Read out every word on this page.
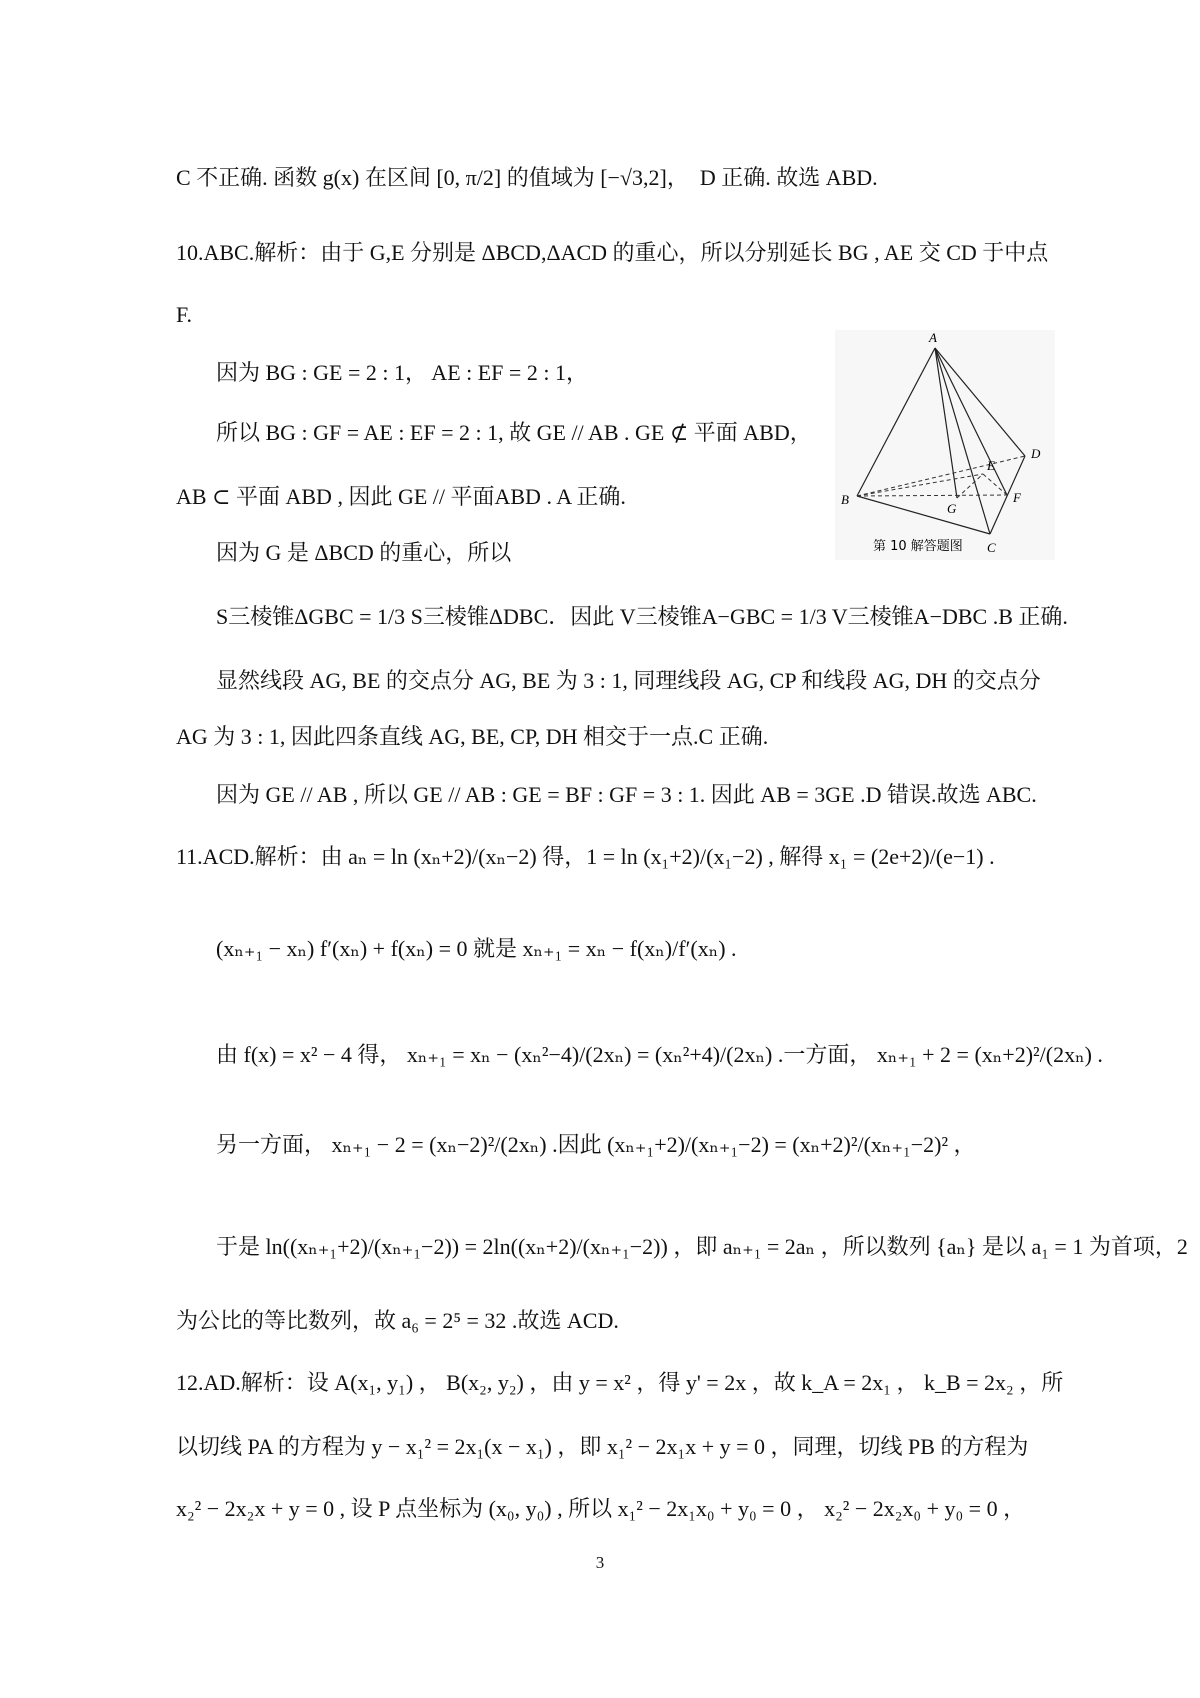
C 不正确. 函数 g(x) 在区间 [0, π/2] 的值域为 [−√3,2]，　D 正确. 故选 ABD.
10.ABC.解析：由于 G,E 分别是 ΔBCD,ΔACD 的重心，所以分别延长 BG , AE 交 CD 于中点
F.
因为 BG : GE = 2 : 1， AE : EF = 2 : 1，
所以 BG : GF = AE : EF = 2 : 1, 故 GE // AB . GE ⊄ 平面 ABD，
AB ⊂ 平面 ABD , 因此 GE // 平面ABD . A 正确.
因为 G 是 ΔBCD 的重心，所以
S三棱锥ΔGBC = 1/3 S三棱锥ΔDBC．因此 V三棱锥A−GBC = 1/3 V三棱锥A−DBC .B 正确.
显然线段 AG, BE 的交点分 AG, BE 为 3 : 1, 同理线段 AG, CP 和线段 AG, DH 的交点分
AG 为 3 : 1, 因此四条直线 AG, BE, CP, DH 相交于一点.C 正确.
因为 GE // AB , 所以 GE // AB : GE = BF : GF = 3 : 1. 因此 AB = 3GE .D 错误.故选 ABC.
11.ACD.解析：由 aₙ = ln (xₙ+2)/(xₙ−2) 得，1 = ln (x₁+2)/(x₁−2) , 解得 x₁ = (2e+2)/(e−1) .
(xₙ₊₁ − xₙ) f′(xₙ) + f(xₙ) = 0 就是 xₙ₊₁ = xₙ − f(xₙ)/f′(xₙ) .
由 f(x) = x² − 4 得， xₙ₊₁ = xₙ − (xₙ²−4)/(2xₙ) = (xₙ²+4)/(2xₙ) .一方面， xₙ₊₁ + 2 = (xₙ+2)²/(2xₙ) .
另一方面， xₙ₊₁ − 2 = (xₙ−2)²/(2xₙ) .因此 (xₙ₊₁+2)/(xₙ₊₁−2) = (xₙ+2)²/(xₙ₊₁−2)² ，
于是 ln((xₙ₊₁+2)/(xₙ₊₁−2)) = 2ln((xₙ+2)/(xₙ₊₁−2)) ，即 aₙ₊₁ = 2aₙ ，所以数列 {aₙ} 是以 a₁ = 1 为首项，2
为公比的等比数列，故 a₆ = 2⁵ = 32 .故选 ACD.
12.AD.解析：设 A(x₁, y₁) ， B(x₂, y₂) ，由 y = x² ，得 y' = 2x ，故 k_A = 2x₁ ， k_B = 2x₂ ，所
以切线 PA 的方程为 y − x₁² = 2x₁(x − x₁) ，即 x₁² − 2x₁x + y = 0 ，同理，切线 PB 的方程为
x₂² − 2x₂x + y = 0 , 设 P 点坐标为 (x₀, y₀) , 所以 x₁² − 2x₁x₀ + y₀ = 0 ， x₂² − 2x₂x₀ + y₀ = 0 ，
A
B
C
D
E
F
G
第 10 解答题图
3
